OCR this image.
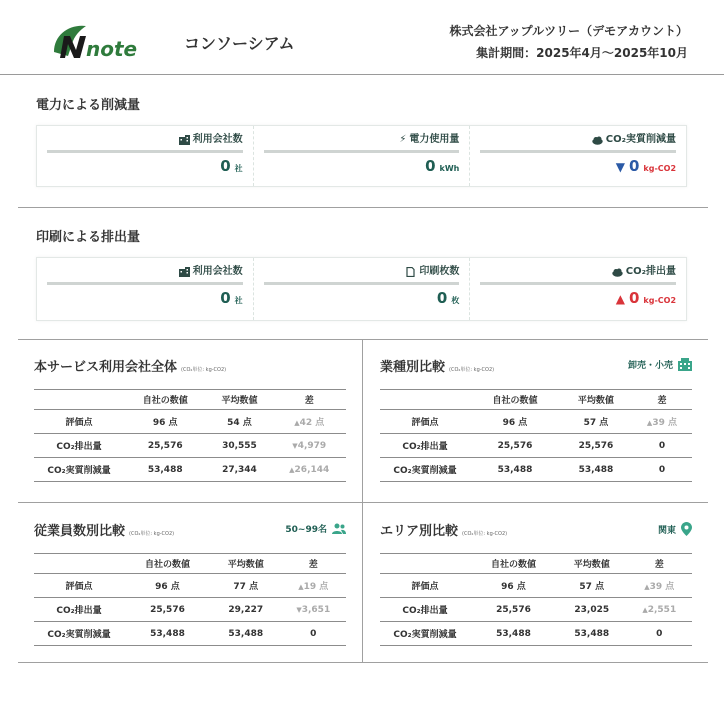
note	コンソーシアム
株式会社アップルツリー（デモアカウント）
集計期間：2025年4月〜2025年10月
電力による削減量
利用会社数
0 社
⚡ 電力使用量
0 kWh
CO₂実質削減量
▼ 0 kg-CO2
印刷による排出量
利用会社数
0 社
印刷枚数
0 枚
CO₂排出量
▲ 0 kg-CO2
本サービス利用会社全体 (CO₂単位: kg-CO2)
	自社の数値	平均数値	差
評価点	96 点	54 点	▲42 点
CO₂排出量	25,576	30,555	▼4,979
CO₂実質削減量	53,488	27,344	▲26,144
業種別比較 (CO₂単位: kg-CO2)	卸売・小売
	自社の数値	平均数値	差
評価点	96 点	57 点	▲39 点
CO₂排出量	25,576	25,576	0
CO₂実質削減量	53,488	53,488	0
従業員数別比較 (CO₂単位: kg-CO2)	50~99名
	自社の数値	平均数値	差
評価点	96 点	77 点	▲19 点
CO₂排出量	25,576	29,227	▼3,651
CO₂実質削減量	53,488	53,488	0
エリア別比較 (CO₂単位: kg-CO2)	関東
	自社の数値	平均数値	差
評価点	96 点	57 点	▲39 点
CO₂排出量	25,576	23,025	▲2,551
CO₂実質削減量	53,488	53,488	0
